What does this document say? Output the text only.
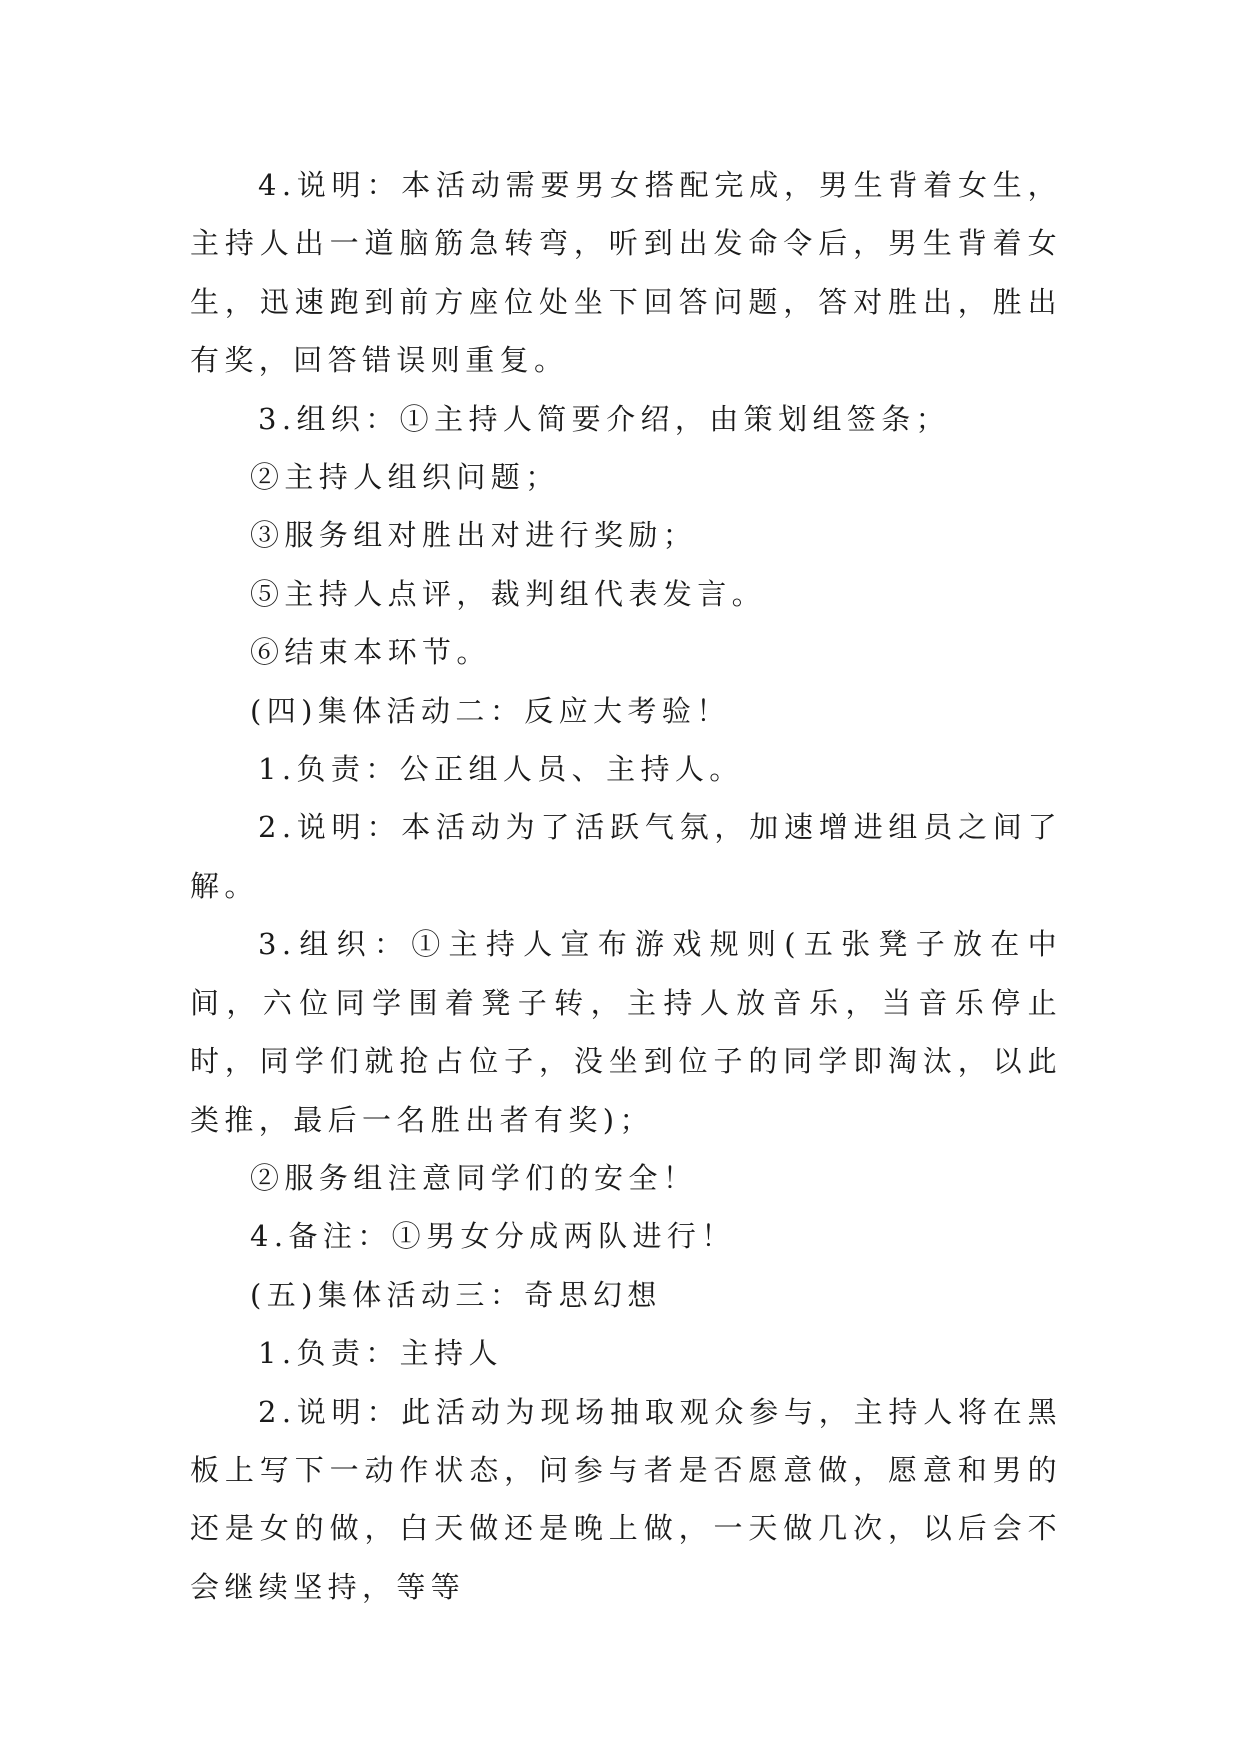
4.说明：本活动需要男女搭配完成，男生背着女生，主持人出一道脑筋急转弯，听到出发命令后，男生背着女生，迅速跑到前方座位处坐下回答问题，答对胜出，胜出有奖，回答错误则重复。

3.组织：①主持人简要介绍，由策划组签条；

②主持人组织问题；

③服务组对胜出对进行奖励；

⑤主持人点评，裁判组代表发言。

⑥结束本环节。

(四)集体活动二：反应大考验！

1.负责：公正组人员、主持人。

2.说明：本活动为了活跃气氛，加速增进组员之间了解。

3.组织：①主持人宣布游戏规则(五张凳子放在中间，六位同学围着凳子转，主持人放音乐，当音乐停止时，同学们就抢占位子，没坐到位子的同学即淘汰，以此类推，最后一名胜出者有奖)；

②服务组注意同学们的安全！

4.备注：①男女分成两队进行！

(五)集体活动三：奇思幻想

1.负责：主持人

2.说明：此活动为现场抽取观众参与，主持人将在黑板上写下一动作状态，问参与者是否愿意做，愿意和男的还是女的做，白天做还是晚上做，一天做几次，以后会不会继续坚持，等等
